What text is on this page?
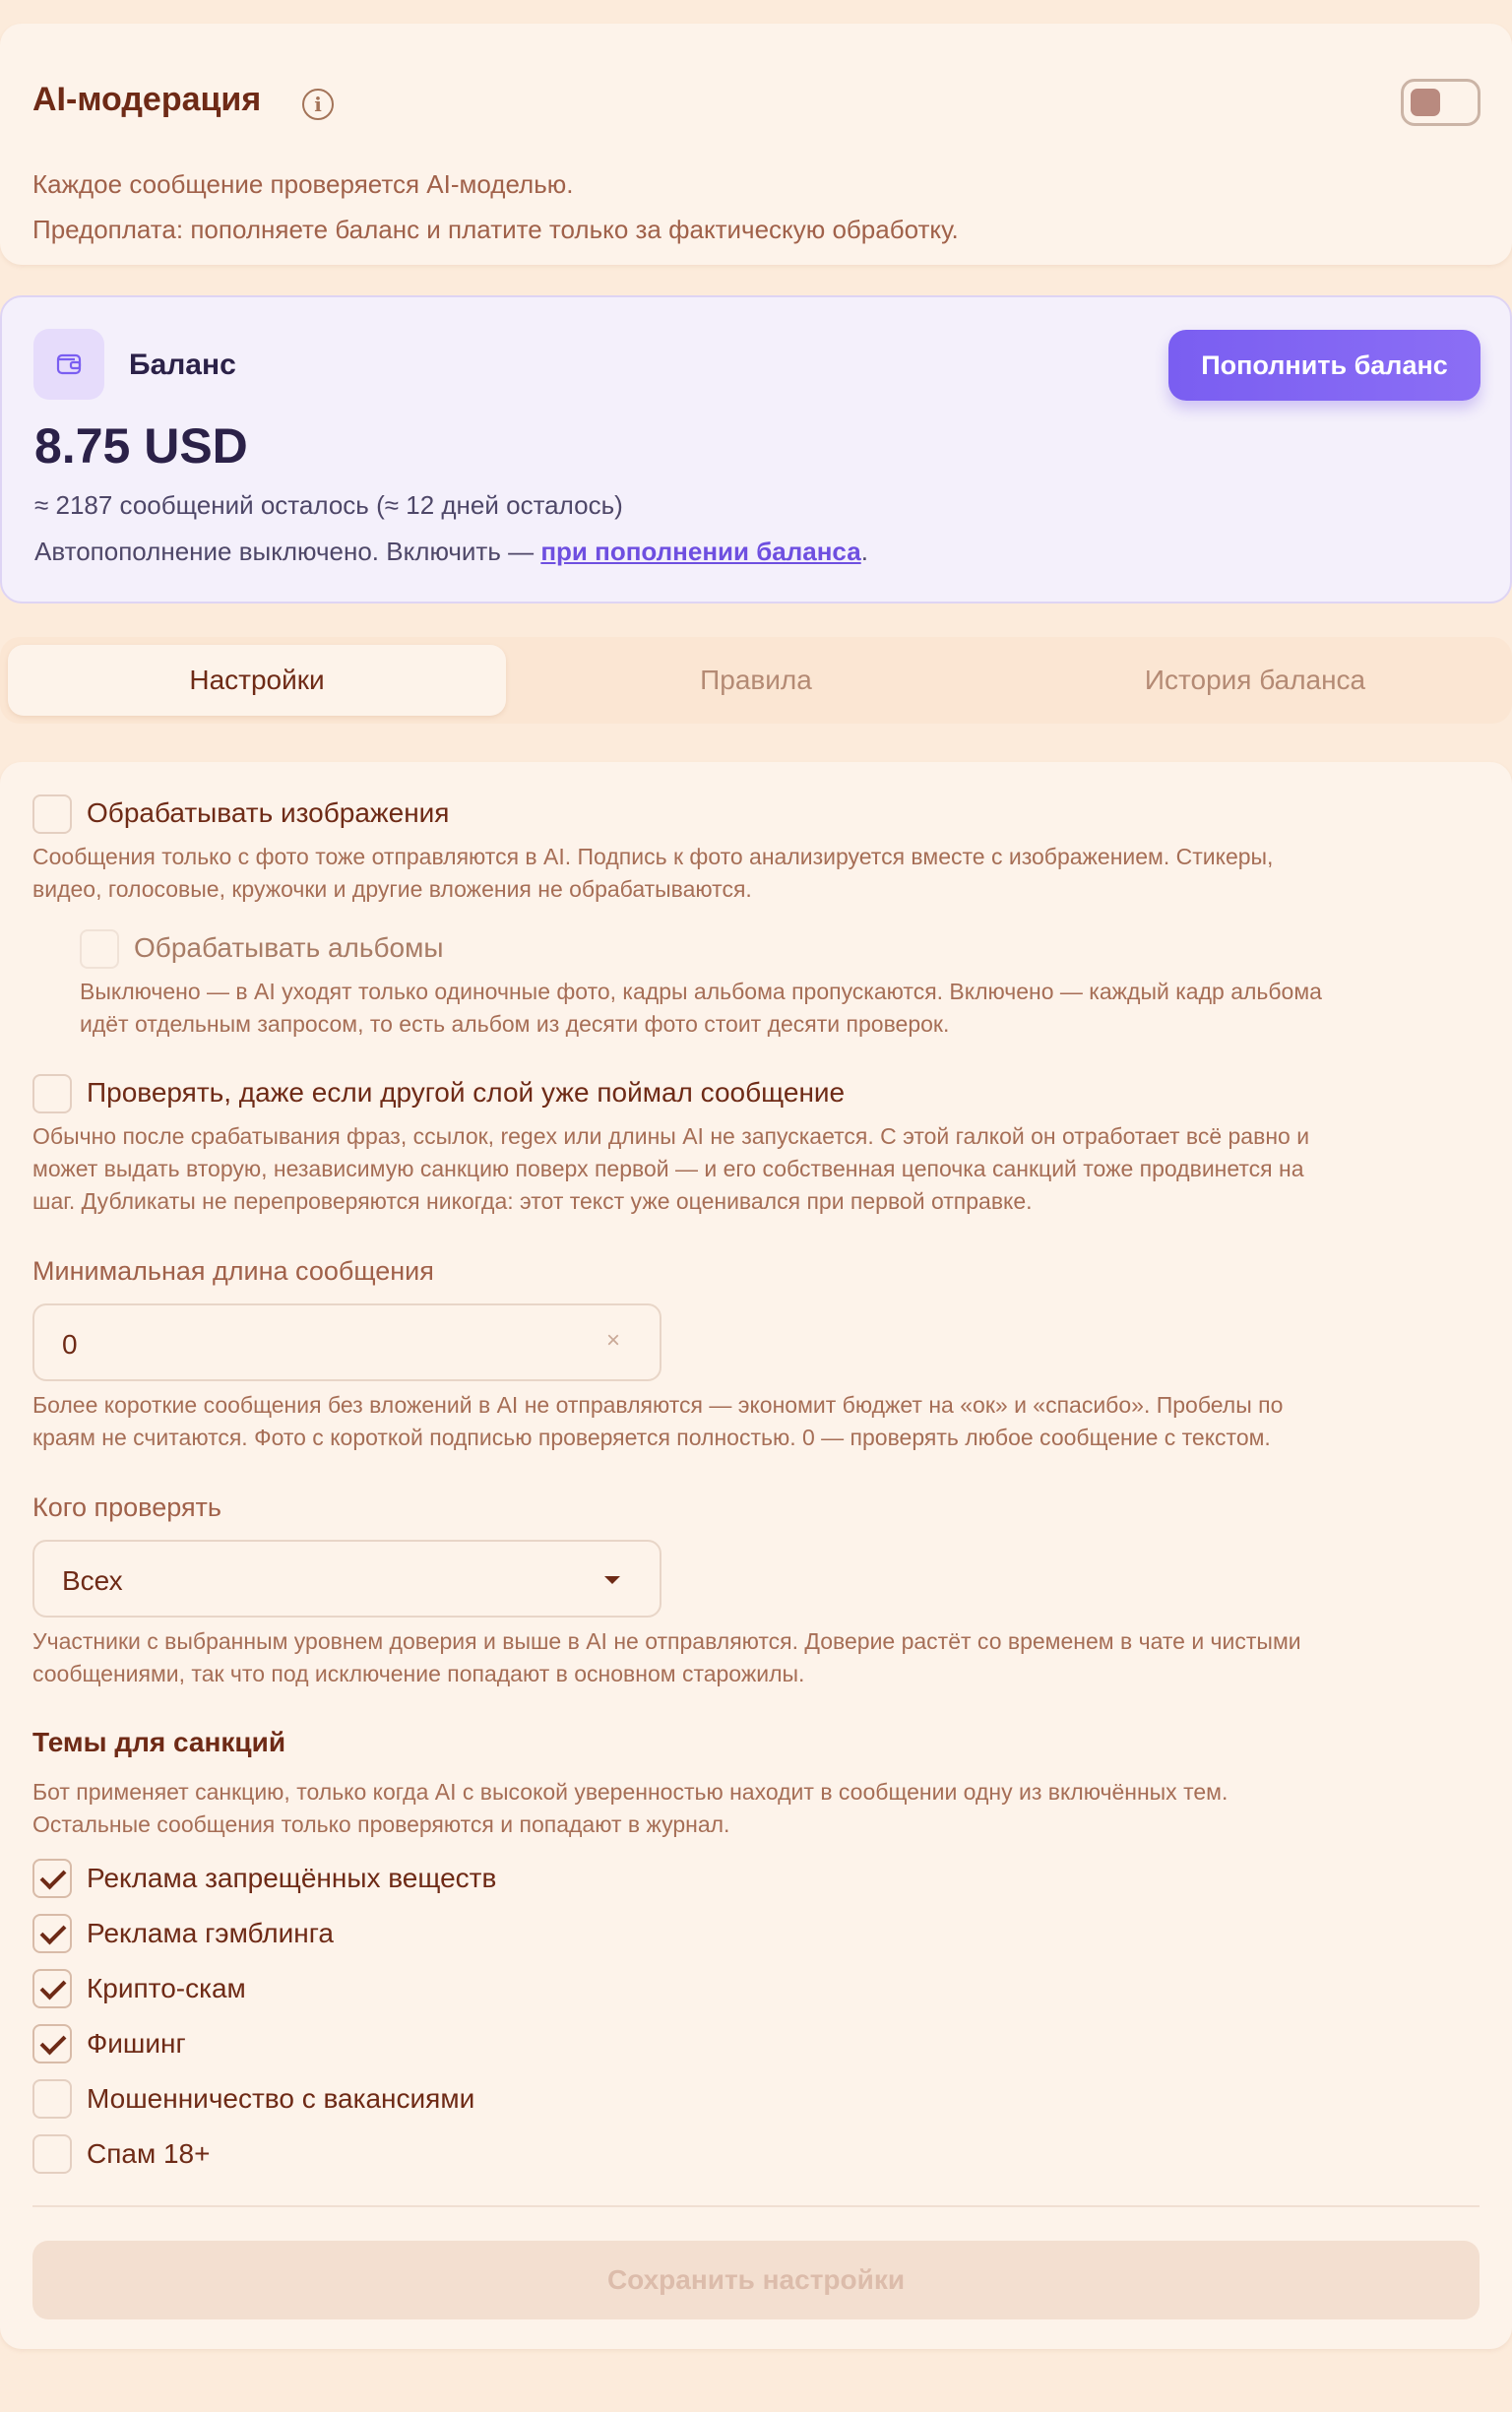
AI-модерация	i
Каждое сообщение проверяется AI-моделью.
Предоплата: пополняете баланс и платите только за фактическую обработку.
Баланс	Пополнить баланс
8.75 USD
≈ 2187 сообщений осталось (≈ 12 дней осталось)
Автопополнение выключено. Включить — при пополнении баланса.
Настройки	Правила	История баланса
Обрабатывать изображения
Сообщения только с фото тоже отправляются в AI. Подпись к фото анализируется вместе с изображением. Стикеры,
видео, голосовые, кружочки и другие вложения не обрабатываются.
Обрабатывать альбомы
Выключено — в AI уходят только одиночные фото, кадры альбома пропускаются. Включено — каждый кадр альбома
идёт отдельным запросом, то есть альбом из десяти фото стоит десяти проверок.
Проверять, даже если другой слой уже поймал сообщение
Обычно после срабатывания фраз, ссылок, regex или длины AI не запускается. С этой галкой он отработает всё равно и
может выдать вторую, независимую санкцию поверх первой — и его собственная цепочка санкций тоже продвинется на
шаг. Дубликаты не перепроверяются никогда: этот текст уже оценивался при первой отправке.
Минимальная длина сообщения
0	×
Более короткие сообщения без вложений в AI не отправляются — экономит бюджет на «ок» и «спасибо». Пробелы по
краям не считаются. Фото с короткой подписью проверяется полностью. 0 — проверять любое сообщение с текстом.
Кого проверять
Всех
Участники с выбранным уровнем доверия и выше в AI не отправляются. Доверие растёт со временем в чате и чистыми
сообщениями, так что под исключение попадают в основном старожилы.
Темы для санкций
Бот применяет санкцию, только когда AI с высокой уверенностью находит в сообщении одну из включённых тем.
Остальные сообщения только проверяются и попадают в журнал.
Реклама запрещённых веществ
Реклама гэмблинга
Крипто-скам
Фишинг
Мошенничество с вакансиями
Спам 18+
Сохранить настройки
